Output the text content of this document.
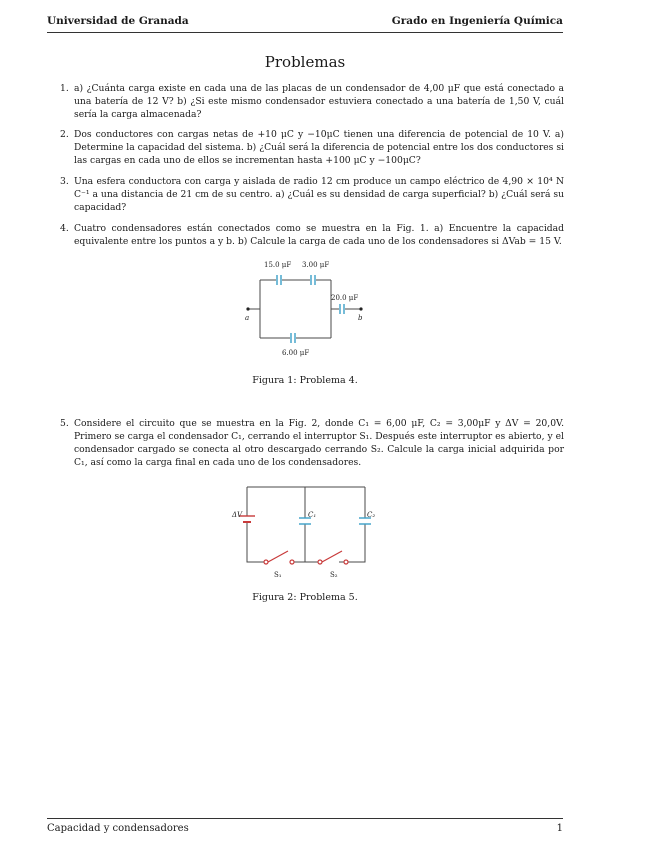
Universidad de Granada	Grado en Ingeniería Química
Problemas
1. a) ¿Cuánta carga existe en cada una de las placas de un condensador de 4,00 μF que está conectado a una batería de 12 V? b) ¿Si este mismo condensador estuviera conectado a una batería de 1,50 V, cuál sería la carga almacenada?
2. Dos conductores con cargas netas de +10 μC y −10μC tienen una diferencia de potencial de 10 V. a) Determine la capacidad del sistema. b) ¿Cuál será la diferencia de potencial entre los dos conductores si las cargas en cada uno de ellos se incrementan hasta +100 μC y −100μC?
3. Una esfera conductora con carga y aislada de radio 12 cm produce un campo eléctrico de 4,90 × 10⁴ N C⁻¹ a una distancia de 21 cm de su centro. a) ¿Cuál es su densidad de carga superficial? b) ¿Cuál será su capacidad?
4. Cuatro condensadores están conectados como se muestra en la Fig. 1. a) Encuentre la capacidad equivalente entre los puntos a y b. b) Calcule la carga de cada uno de los condensadores si ΔVab = 15 V.
15.0 μF 3.00 μF
20.0 μF
6.00 μF
a	b
Figura 1: Problema 4.
5. Considere el circuito que se muestra en la Fig. 2, donde C₁ = 6,00 μF, C₂ = 3,00μF y ΔV = 20,0V. Primero se carga el condensador C₁, cerrando el interruptor S₁. Después este interruptor es abierto, y el condensador cargado se conecta al otro descargado cerrando S₂. Calcule la carga inicial adquirida por C₁, así como la carga final en cada uno de los condensadores.
ΔV	C₁	C₂
S₁	S₂
Figura 2: Problema 5.
Capacidad y condensadores	1
